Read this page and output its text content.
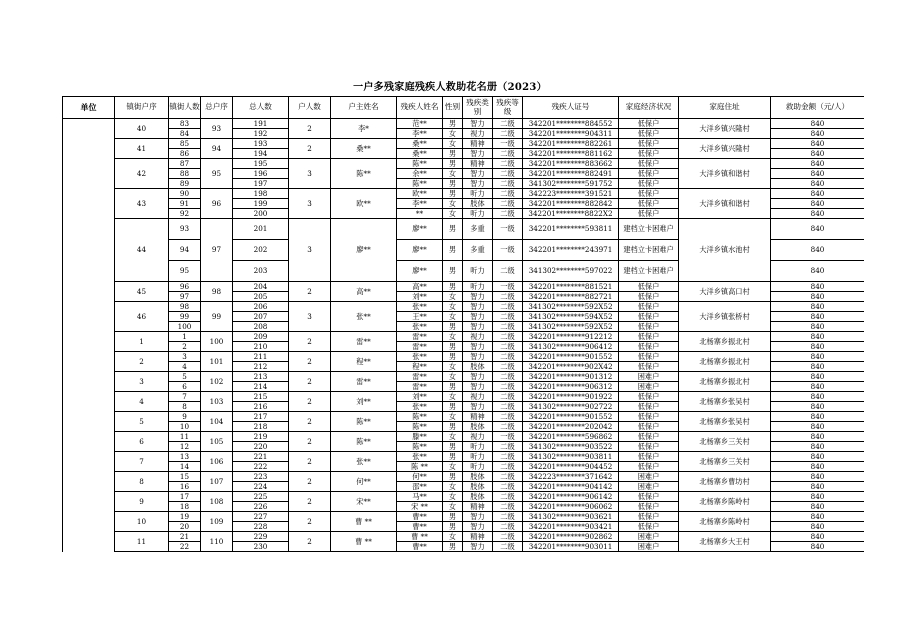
一户多残家庭残疾人救助花名册（2023）
单位	镇街户序	镇街人数	总户序	总人数	户人数	户主姓名	残疾人姓名	性别	残疾类别	残疾等级	残疾人证号	家庭经济状况	家庭住址	救助金额（元/人）
	40	83	93	191	2	李*	范**	男	智力	二级	342201********884552	低保户	大洋乡镇兴隆村	840
		84		192			李**	女	视力	二级	342201********904311	低保户		840
	41	85	94	193	2	桑**	桑**	女	精神	一级	342201********882261	低保户	大洋乡镇兴隆村	840
		86		194			桑**	男	智力	二级	342201********881162	低保户		840
	42	87	95	195	3	陈**	陈**	男	精神	二级	342201********883662	低保户	大洋乡镇和谐村	840
		88		196			余**	女	智力	二级	342201********882491	低保户		840
		89		197			陈**	男	智力	二级	341302********591752	低保户		840
	43	90	96	198	3	欧**	欧**	男	听力	二级	342223********391521	低保户	大洋乡镇和谐村	840
		91		199			李**	女	肢体	二级	342201********882842	低保户		840
		92		200			**	女	听力	二级	342201********8822X2	低保户		840
	44	93	97	201	3	廖**	廖**	男	多重	一级	342201********593811	建档立卡困难户	大洋乡镇水池村	840
		94		202			廖**	男	多重	一级	342201********243971	建档立卡困难户		840
		95		203			廖**	男	听力	二级	341302********597022	建档立卡困难户		840
	45	96	98	204	2	高**	高**	男	听力	一级	342201********881521	低保户	大洋乡镇高口村	840
		97		205			刘**	女	智力	二级	342201********882721	低保户		840
	46	98	99	206	3	张**	张**	女	智力	二级	341302********592X52	低保户	大洋乡镇张桥村	840
		99		207			王**	女	智力	二级	341302********594X52	低保户		840
		100		208			张**	男	智力	二级	341302********592X52	低保户		840
	1	1	100	209	2	雷**	雷**	女	视力	二级	342201********912212	低保户	北杨寨乡振北村	840
		2		210			雷**	男	智力	二级	341302********906412	低保户		840
	2	3	101	211	2	程**	张**	男	智力	二级	342201********901552	低保户	北杨寨乡振北村	840
		4		212			程**	女	肢体	二级	342201********902X42	低保户		840
	3	5	102	213	2	雷**	雷**	女	智力	二级	342201********901312	困难户	北杨寨乡振北村	840
		6		214			雷**	男	智力	二级	342201********906312	困难户		840
	4	7	103	215	2	刘**	刘**	女	视力	二级	342201********901922	低保户	北杨寨乡张吴村	840
		8		216			张**	男	智力	二级	341302********902722	低保户		840
	5	9	104	217	2	陈**	陈**	女	精神	二级	342201********901552	低保户	北杨寨乡张吴村	840
		10		218			陈**	男	肢体	二级	342201********202042	低保户		840
	6	11	105	219	2	陈**	滕**	女	视力	一级	342201********596862	低保户	北杨寨乡三关村	840
		12		220			陈**	男	听力	二级	341302********903522	低保户		840
	7	13	106	221	2	张**	张**	男	听力	二级	341302********903811	低保户	北杨寨乡三关村	840
		14		222			陈 **	女	听力	二级	342201********904452	低保户		840
	8	15	107	223	2	何**	何**	男	肢体	二级	342223********371642	困难户	北杨寨乡曹坊村	840
		16		224			邵**	女	肢体	二级	342201********904142	困难户		840
	9	17	108	225	2	宋**	马**	女	肢体	二级	342201********906142	低保户	北杨寨乡陈岭村	840
		18		226			宋 **	女	精神	二级	342201********906062	低保户		840
	10	19	109	227	2	曹 **	曹**	男	智力	二级	341302********903621	低保户	北杨寨乡陈岭村	840
		20		228			曹**	男	智力	二级	342201********903421	低保户		840
	11	21	110	229	2	曹 **	曹 **	女	精神	二级	342201********902862	困难户	北杨寨乡大王村	840
		22		230			曹**	男	智力	二级	342201********903011	困难户		840
